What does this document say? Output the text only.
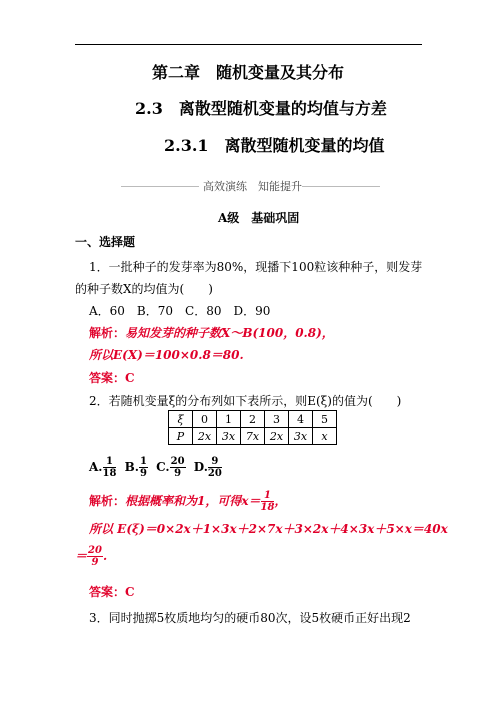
第二章　随机变量及其分布
2.3　离散型随机变量的均值与方差
2.3.1　离散型随机变量的均值
高效演练　知能提升
A级　基础巩固
一、选择题
1．一批种子的发芽率为80%，现播下100粒该种种子，则发芽
的种子数X的均值为(　　)
A．60　B．70　C．80　D．90
解析：易知发芽的种子数X～B(100，0.8)，
所以E(X)＝100×0.8＝80.
答案：C
2．若随机变量ξ的分布列如下表所示，则E(ξ)的值为(　　)
ξ	0	1	2	3	4	5
P	2x	3x	7x	2x	3x	x
A. $\frac{1}{18} B$. $\frac{1}{9} C$. $\frac{20}{9} D$. $\frac{9}{20}$
解析：根据概率和为1，可得$x= \frac{1}{18}$ ，
所以 E(ξ)＝0×2x＋1×3x＋2×7x＋3×2x＋4×3x＋5×x＝40x
＝ $\frac{20}{9}$ .
答案：C
3．同时抛掷5枚质地均匀的硬币80次，设5枚硬币正好出现2
